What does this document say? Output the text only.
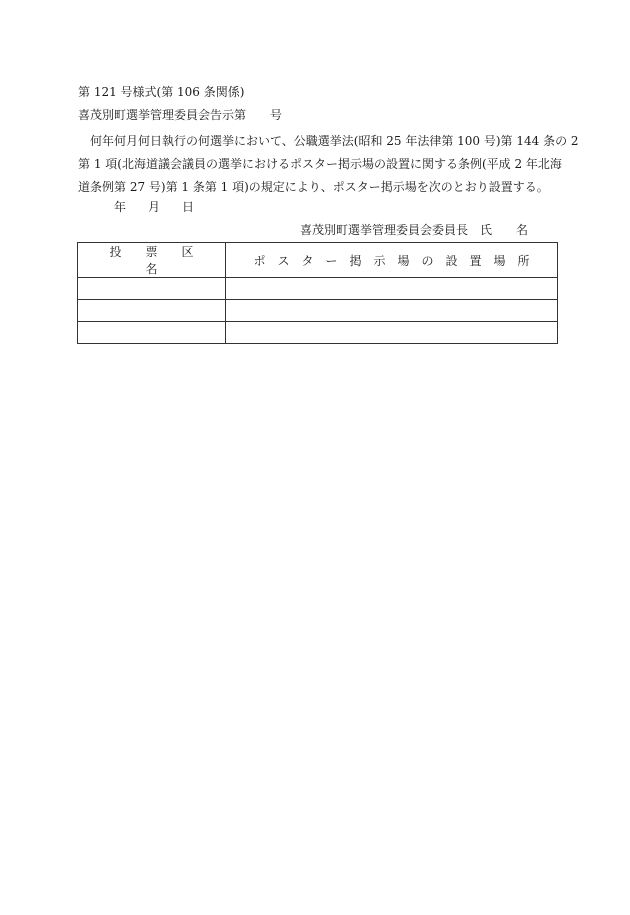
第 121 号様式(第 106 条関係)
喜茂別町選挙管理委員会告示第　　号
　何年何月何日執行の何選挙において、公職選挙法(昭和 25 年法律第 100 号)第 144 条の 2
第 1 項(北海道議会議員の選挙におけるポスター掲示場の設置に関する条例(平成 2 年北海
道条例第 27 号)第 1 条第 1 項)の規定により、ポスター掲示場を次のとおり設置する。
年 月 日
喜茂別町選挙管理委員会委員長　氏　　名
投票区名	ポスター掲示場の設置場所
